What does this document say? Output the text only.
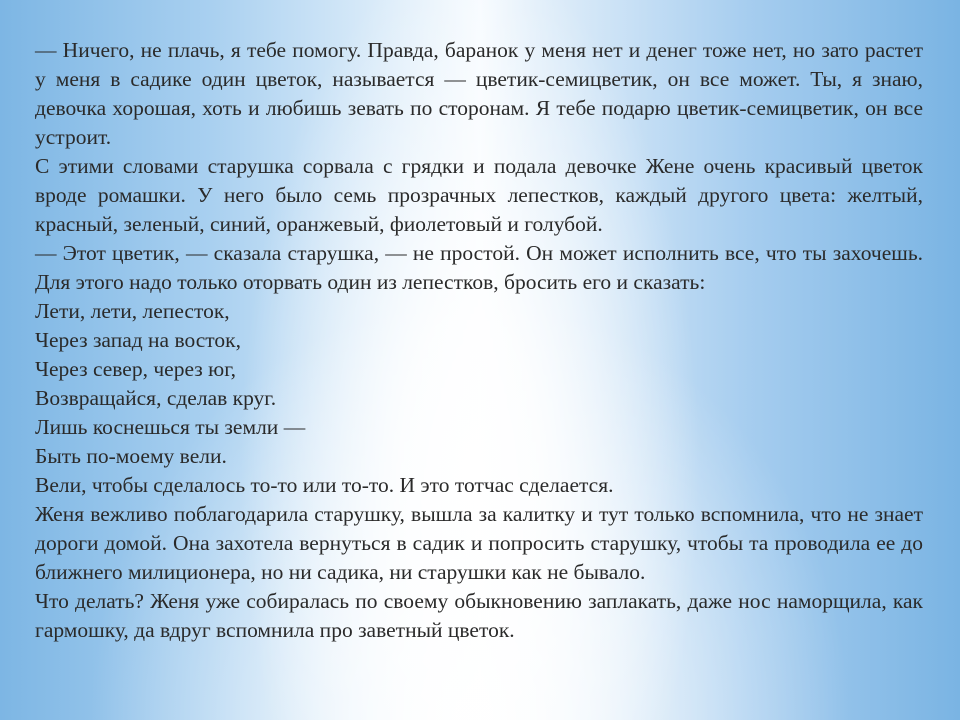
— Ничего, не плачь, я тебе помогу. Правда, баранок у меня нет и денег тоже нет, но зато растет у меня в садике один цветок, называется — цветик-семицветик, он все может. Ты, я знаю, девочка хорошая, хоть и любишь зевать по сторонам. Я тебе подарю цветик-семицветик, он все устроит.

С этими словами старушка сорвала с грядки и подала девочке Жене очень красивый цветок вроде ромашки. У него было семь прозрачных лепестков, каждый другого цвета: желтый, красный, зеленый, синий, оранжевый, фиолетовый и голубой.

— Этот цветик, — сказала старушка, — не простой. Он может исполнить все, что ты захочешь. Для этого надо только оторвать один из лепестков, бросить его и сказать:

Лети, лети, лепесток,

Через запад на восток,

Через север, через юг,

Возвращайся, сделав круг.

Лишь коснешься ты земли —

Быть по-моему вели.

Вели, чтобы сделалось то-то или то-то. И это тотчас сделается.

Женя вежливо поблагодарила старушку, вышла за калитку и тут только вспомнила, что не знает дороги домой. Она захотела вернуться в садик и попросить старушку, чтобы та проводила ее до ближнего милиционера, но ни садика, ни старушки как не бывало.

Что делать? Женя уже собиралась по своему обыкновению заплакать, даже нос наморщила, как гармошку, да вдруг вспомнила про заветный цветок.
